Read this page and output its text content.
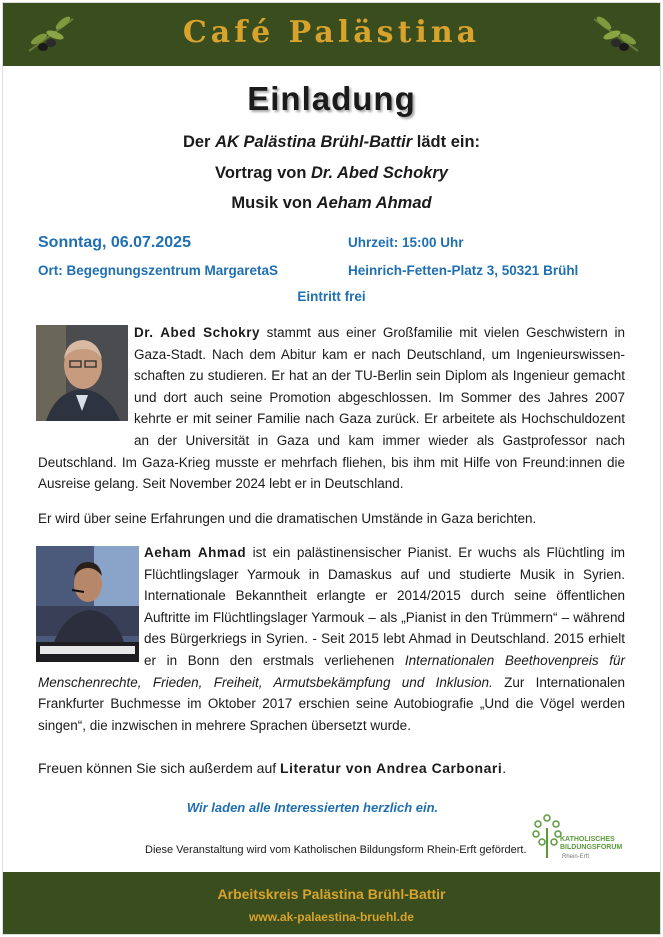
Café Palästina
Einladung
Der AK Palästina Brühl-Battir lädt ein:
Vortrag von Dr. Abed Schokry
Musik von Aeham Ahmad
Sonntag, 06.07.2025	Uhrzeit: 15:00 Uhr
Ort: Begegnungszentrum MargaretaS	Heinrich-Fetten-Platz 3, 50321 Brühl
Eintritt frei
Dr. Abed Schokry stammt aus einer Großfamilie mit vielen Geschwistern in Gaza-Stadt. Nach dem Abitur kam er nach Deutschland, um Ingenieurswissen-schaften zu studieren. Er hat an der TU-Berlin sein Diplom als Ingenieur gemacht und dort auch seine Promotion abgeschlossen. Im Sommer des Jahres 2007 kehrte er mit seiner Familie nach Gaza zurück. Er arbeitete als Hochschuldozent an der Universität in Gaza und kam immer wieder als Gastprofessor nach Deutschland. Im Gaza-Krieg musste er mehrfach fliehen, bis ihm mit Hilfe von Freund:innen die Ausreise gelang. Seit November 2024 lebt er in Deutschland.
Er wird über seine Erfahrungen und die dramatischen Umstände in Gaza berichten.
Aeham Ahmad ist ein palästinensischer Pianist. Er wuchs als Flüchtling im Flüchtlingslager Yarmouk in Damaskus auf und studierte Musik in Syrien. Internationale Bekanntheit erlangte er 2014/2015 durch seine öffentlichen Auftritte im Flüchtlingslager Yarmouk – als „Pianist in den Trümmern“ – während des Bürgerkriegs in Syrien. - Seit 2015 lebt Ahmad in Deutschland. 2015 erhielt er in Bonn den erstmals verliehenen Internationalen Beethovenpreis für Menschenrechte, Frieden, Freiheit, Armutsbekämpfung und Inklusion. Zur Internationalen Frankfurter Buchmesse im Oktober 2017 erschien seine Autobiografie „Und die Vögel werden singen“, die inzwischen in mehrere Sprachen übersetzt wurde.
Freuen können Sie sich außerdem auf Literatur von Andrea Carbonari.
Wir laden alle Interessierten herzlich ein.
Diese Veranstaltung wird vom Katholischen Bildungsform Rhein-Erft gefördert.
KATHOLISCHES
BILDUNGSFORUM
Rhein-Erft
Arbeitskreis Palästina Brühl-Battir
www.ak-palaestina-bruehl.de
